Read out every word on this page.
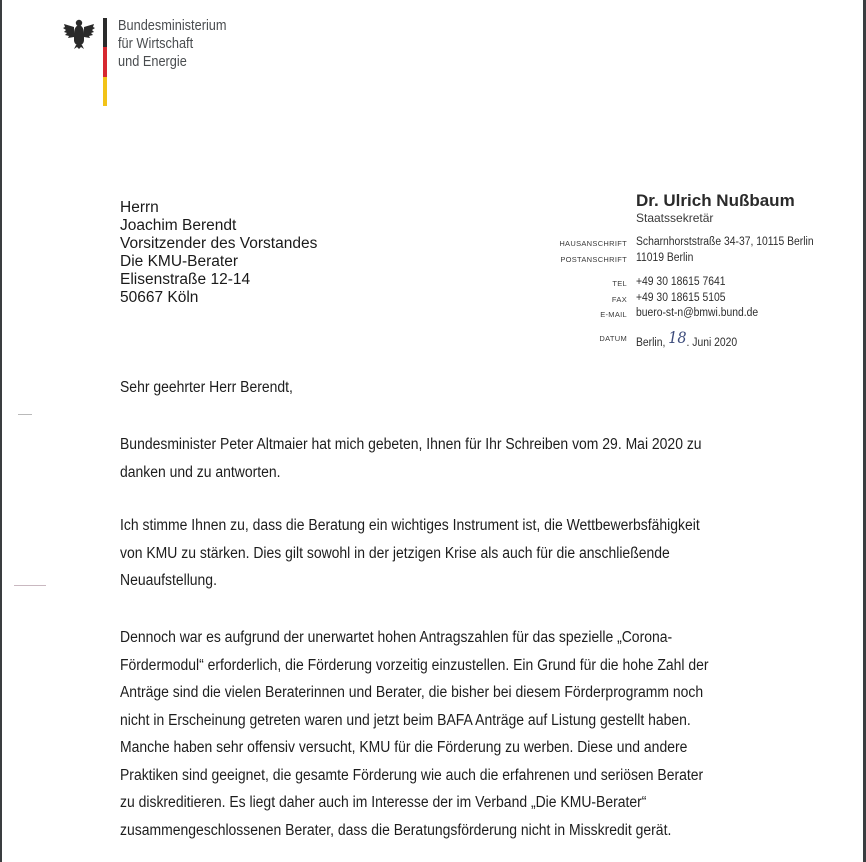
Bundesministerium
für Wirtschaft
und Energie
Herrn
Joachim Berendt
Vorsitzender des Vorstandes
Die KMU-Berater
Elisenstraße 12-14
50667 Köln
Dr. Ulrich Nußbaum
Staatssekretär
HAUSANSCHRIFT Scharnhorststraße 34-37, 10115 Berlin
POSTANSCHRIFT 11019 Berlin
TEL +49 30 18615 7641
FAX +49 30 18615 5105
E-MAIL buero-st-n@bmwi.bund.de
DATUM Berlin, 18. Juni 2020

Sehr geehrter Herr Berendt,

Bundesminister Peter Altmaier hat mich gebeten, Ihnen für Ihr Schreiben vom 29. Mai 2020 zu

danken und zu antworten.

Ich stimme Ihnen zu, dass die Beratung ein wichtiges Instrument ist, die Wettbewerbsfähigkeit

von KMU zu stärken. Dies gilt sowohl in der jetzigen Krise als auch für die anschließende

Neuaufstellung.

Dennoch war es aufgrund der unerwartet hohen Antragszahlen für das spezielle „Corona-

Fördermodul“ erforderlich, die Förderung vorzeitig einzustellen. Ein Grund für die hohe Zahl der

Anträge sind die vielen Beraterinnen und Berater, die bisher bei diesem Förderprogramm noch

nicht in Erscheinung getreten waren und jetzt beim BAFA Anträge auf Listung gestellt haben.

Manche haben sehr offensiv versucht, KMU für die Förderung zu werben. Diese und andere

Praktiken sind geeignet, die gesamte Förderung wie auch die erfahrenen und seriösen Berater

zu diskreditieren. Es liegt daher auch im Interesse der im Verband „Die KMU-Berater“

zusammengeschlossenen Berater, dass die Beratungsförderung nicht in Misskredit gerät.
